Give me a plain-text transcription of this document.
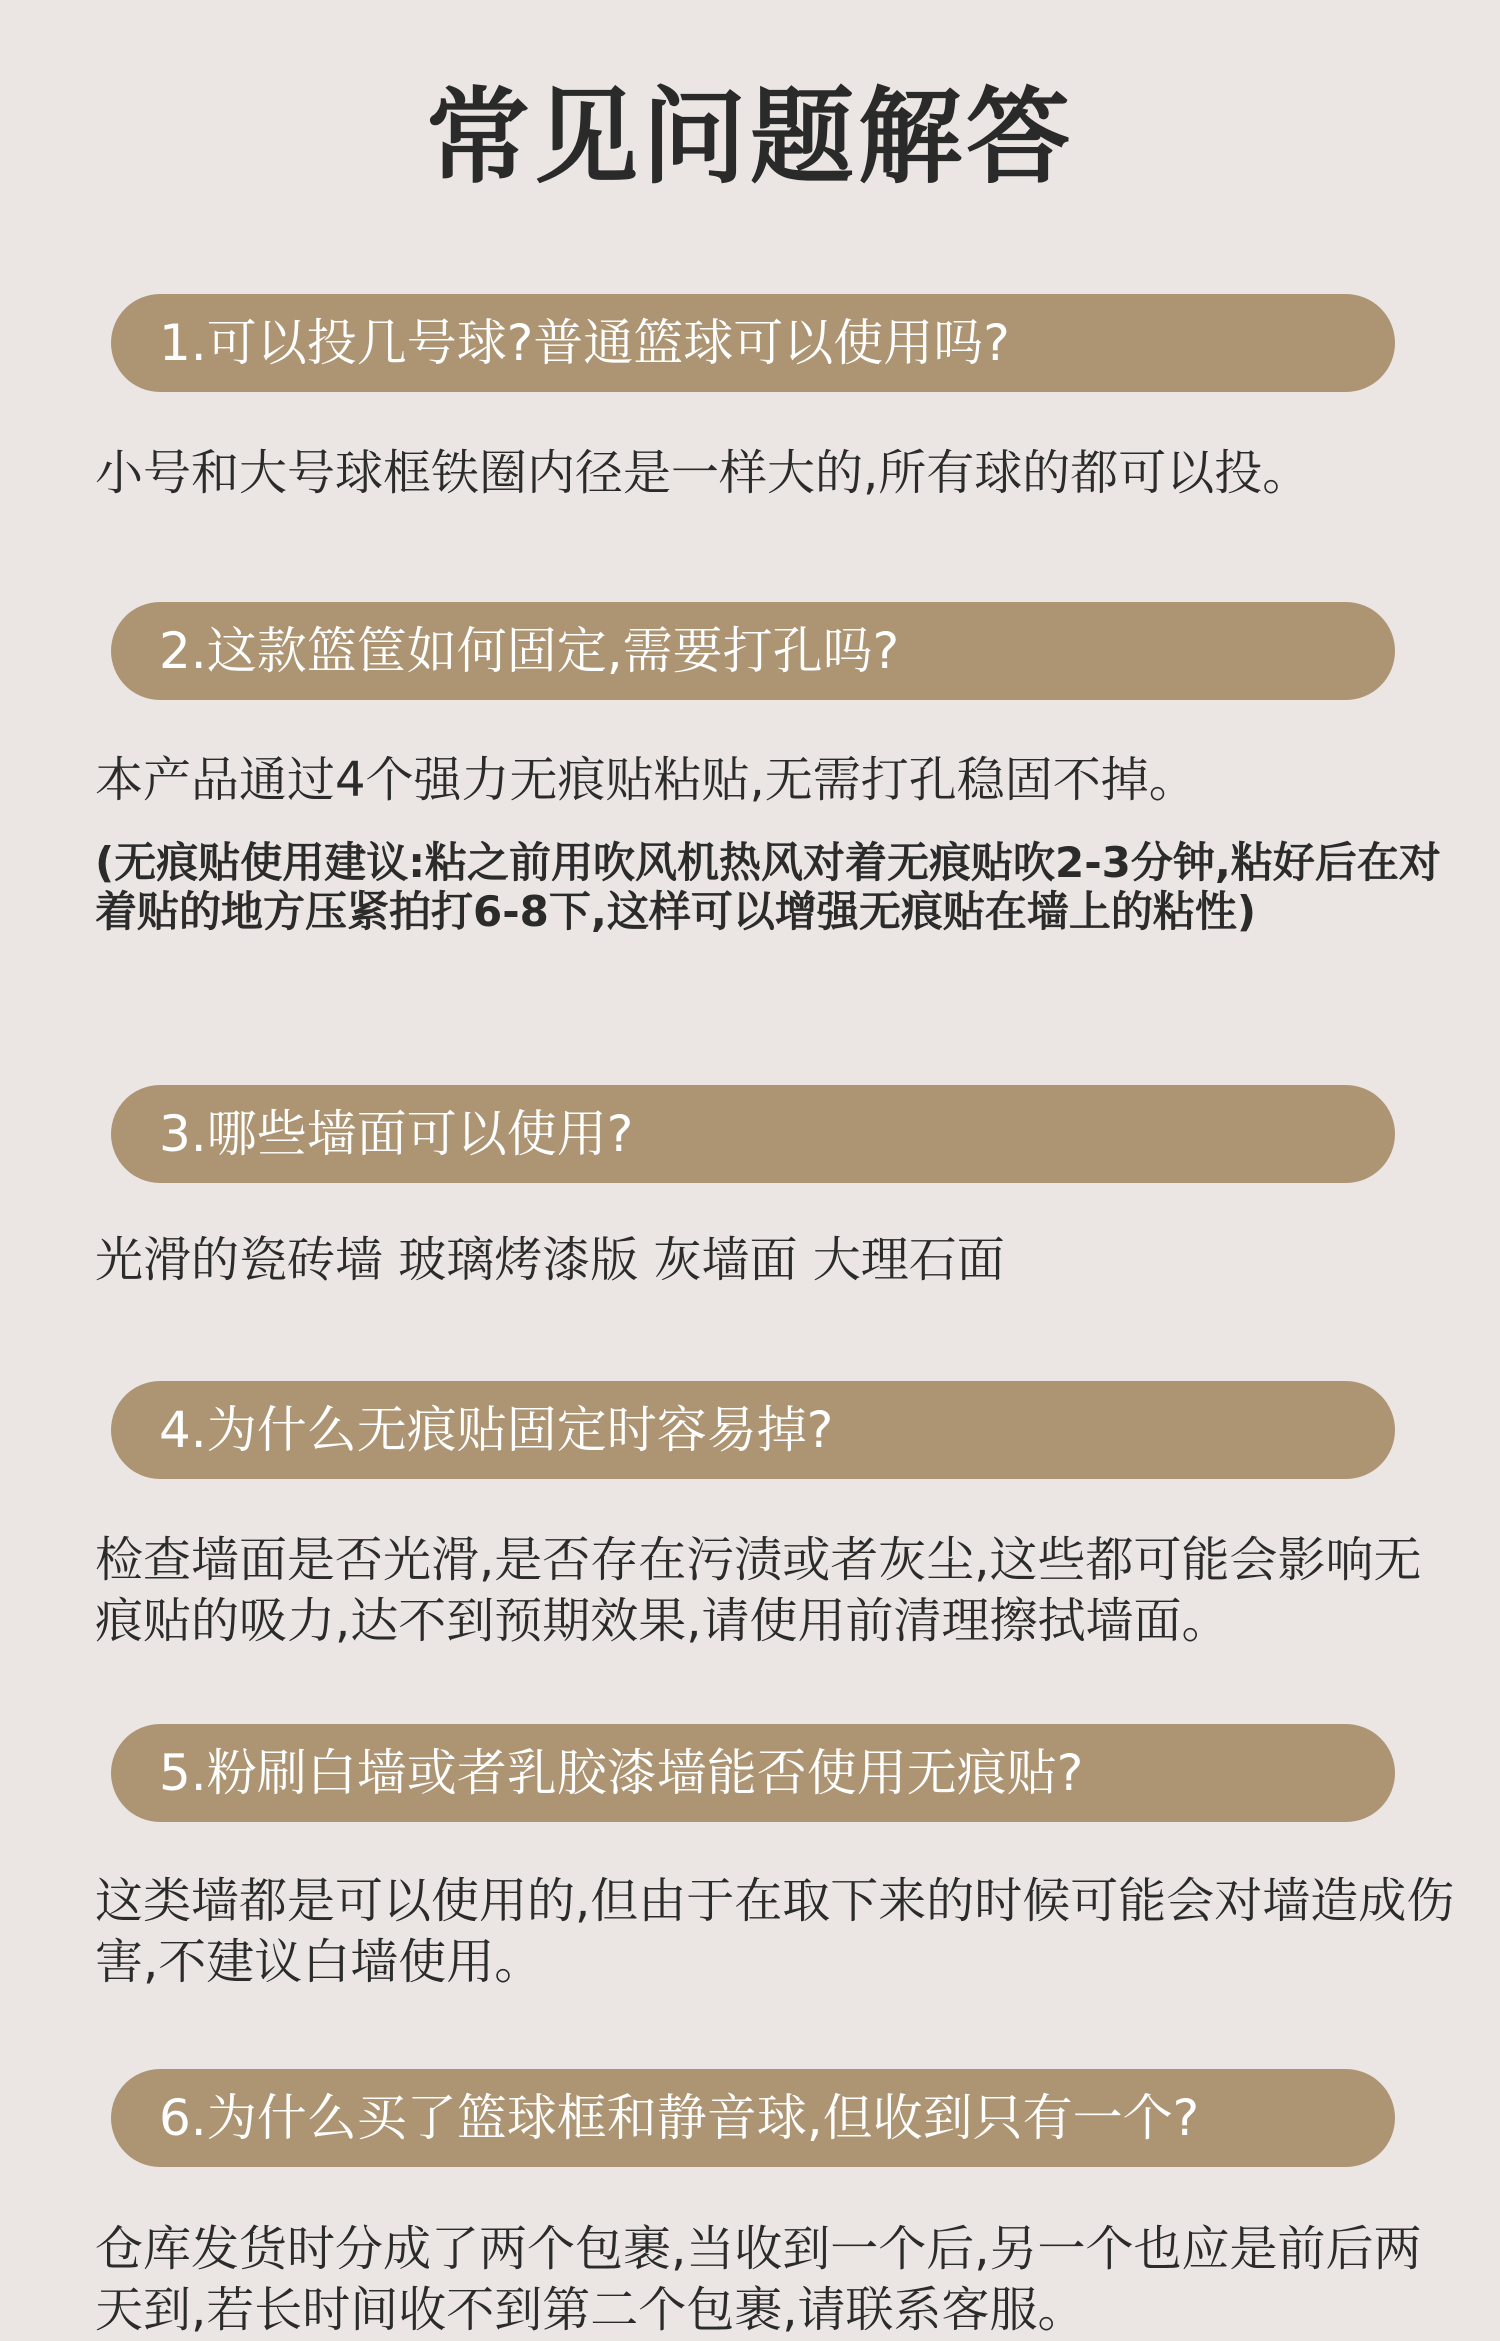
常见问题解答
1.可以投几号球?普通篮球可以使用吗?
小号和大号球框铁圈内径是一样大的,所有球的都可以投。
2.这款篮筐如何固定,需要打孔吗?
本产品通过4个强力无痕贴粘贴,无需打孔稳固不掉。
(无痕贴使用建议:粘之前用吹风机热风对着无痕贴吹2-3分钟,粘好后在对着贴的地方压紧拍打6-8下,这样可以增强无痕贴在墙上的粘性)
3.哪些墙面可以使用?
光滑的瓷砖墙 玻璃烤漆版 灰墙面 大理石面
4.为什么无痕贴固定时容易掉?
检查墙面是否光滑,是否存在污渍或者灰尘,这些都可能会影响无痕贴的吸力,达不到预期效果,请使用前清理擦拭墙面。
5.粉刷白墙或者乳胶漆墙能否使用无痕贴?
这类墙都是可以使用的,但由于在取下来的时候可能会对墙造成伤害,不建议白墙使用。
6.为什么买了篮球框和静音球,但收到只有一个?
仓库发货时分成了两个包裹,当收到一个后,另一个也应是前后两天到,若长时间收不到第二个包裹,请联系客服。
